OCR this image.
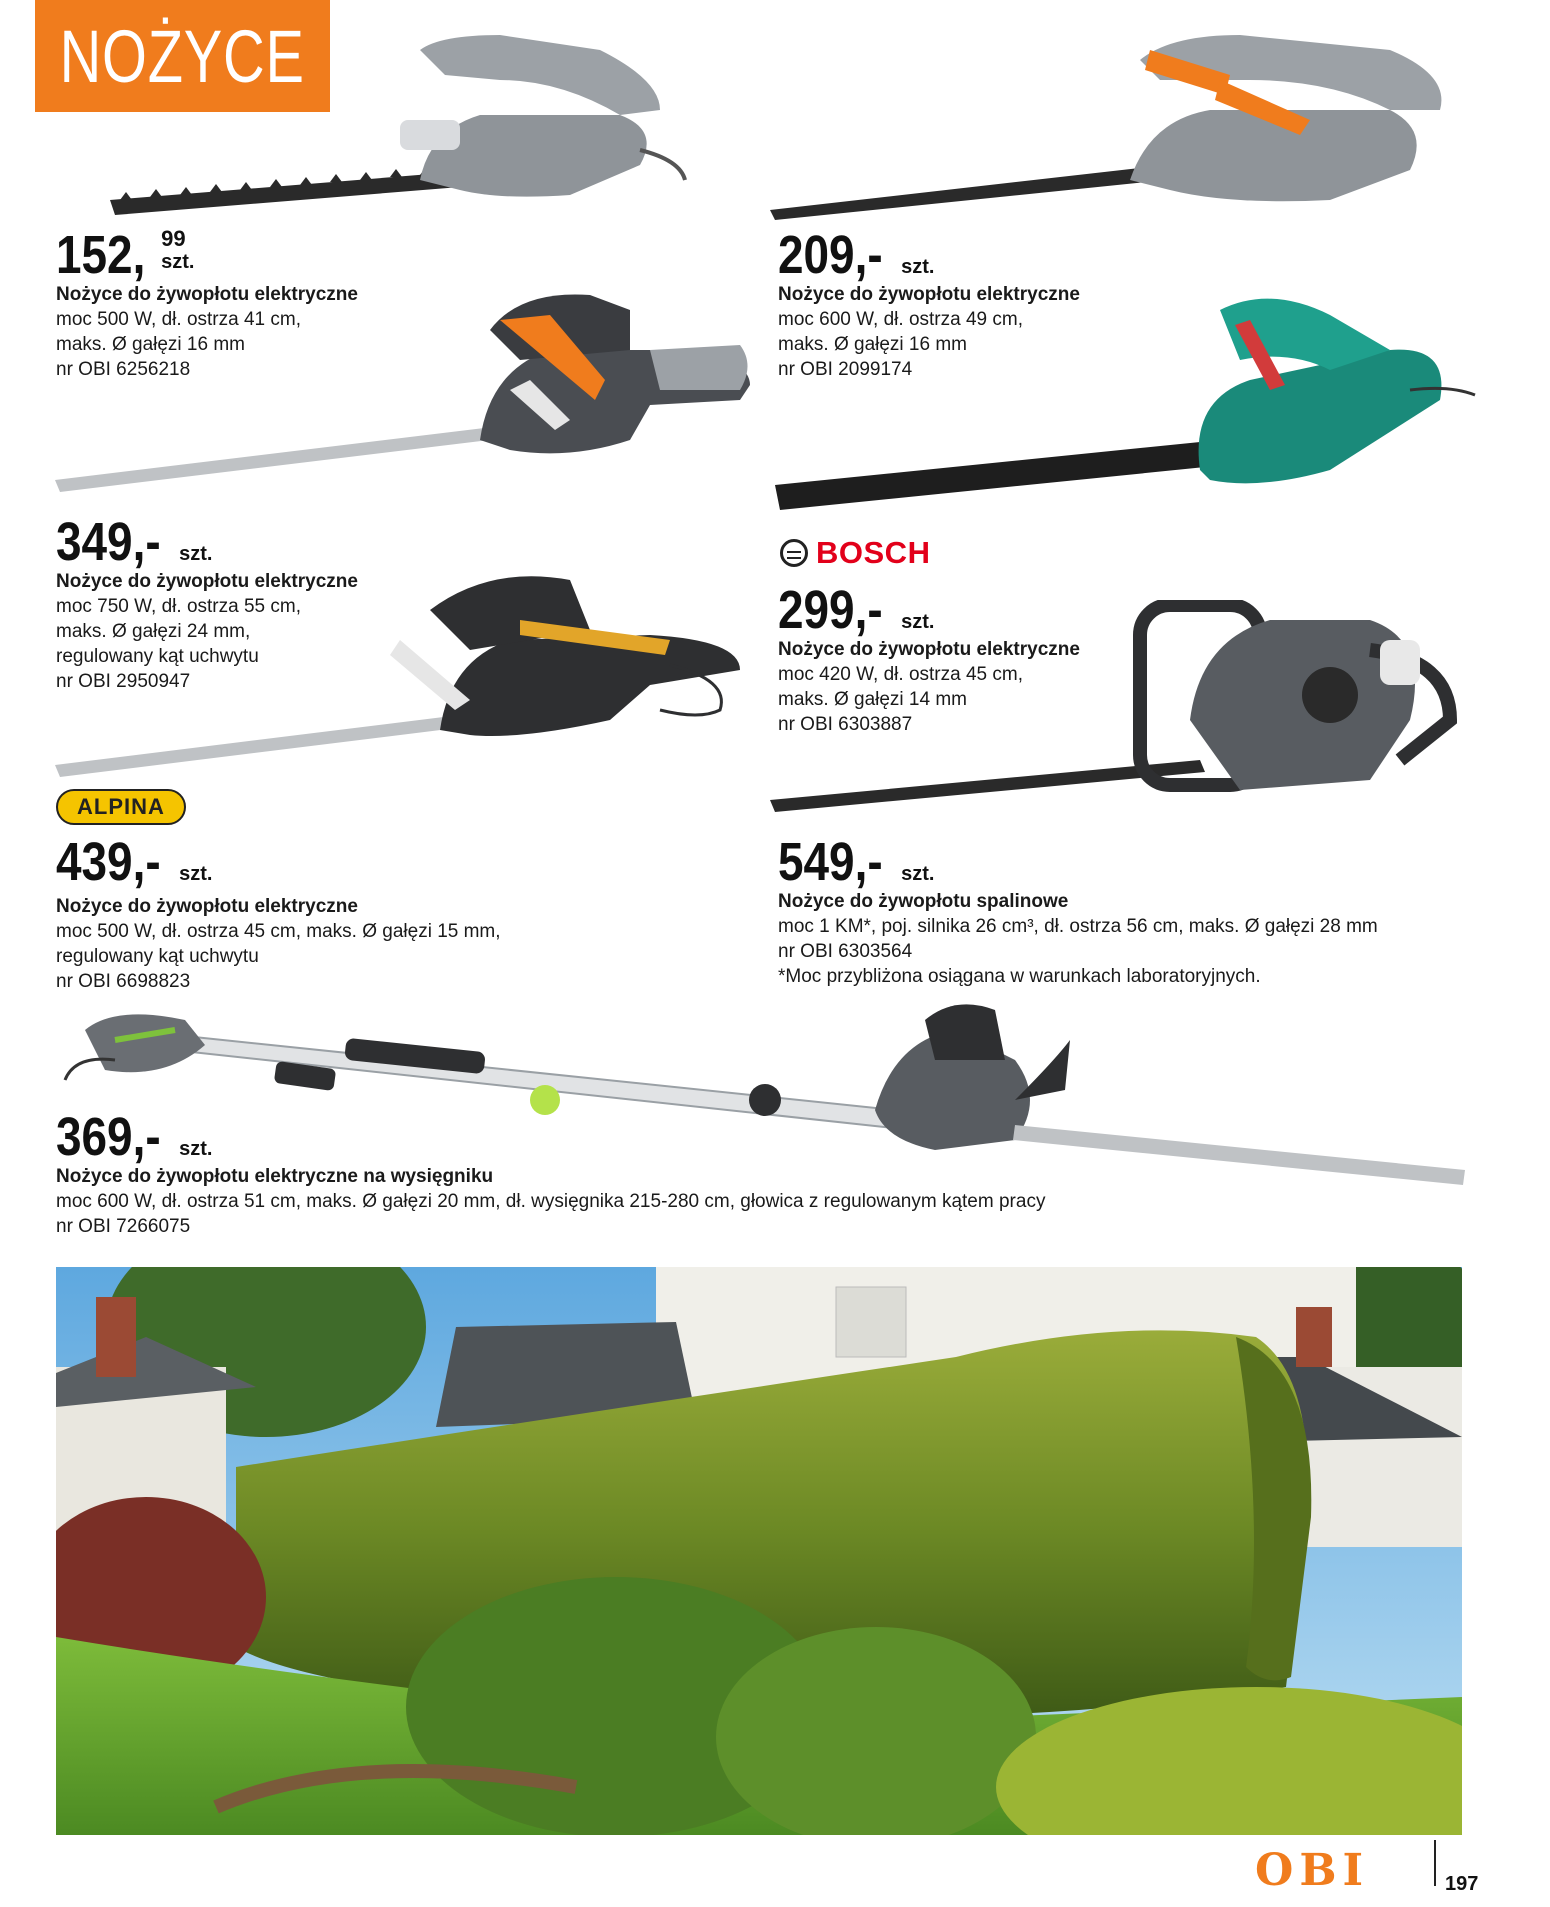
NOŻYCE
152, 99
szt.
Nożyce do żywopłotu elektryczne
moc 500 W, dł. ostrza 41 cm,
maks. Ø gałęzi 16 mm
nr OBI 6256218
209,- szt.
Nożyce do żywopłotu elektryczne
moc 600 W, dł. ostrza 49 cm,
maks. Ø gałęzi 16 mm
nr OBI 2099174
349,- szt.
Nożyce do żywopłotu elektryczne
moc 750 W, dł. ostrza 55 cm,
maks. Ø gałęzi 24 mm,
regulowany kąt uchwytu
nr OBI 2950947
BOSCH
299,- szt.
Nożyce do żywopłotu elektryczne
moc 420 W, dł. ostrza 45 cm,
maks. Ø gałęzi 14 mm
nr OBI 6303887
ALPINA
439,- szt.
Nożyce do żywopłotu elektryczne
moc 500 W, dł. ostrza 45 cm, maks. Ø gałęzi 15 mm,
regulowany kąt uchwytu
nr OBI 6698823
549,- szt.
Nożyce do żywopłotu spalinowe
moc 1 KM*, poj. silnika 26 cm³, dł. ostrza 56 cm, maks. Ø gałęzi 28 mm
nr OBI 6303564
*Moc przybliżona osiągana w warunkach laboratoryjnych.
369,- szt.
Nożyce do żywopłotu elektryczne na wysięgniku
moc 600 W, dł. ostrza 51 cm, maks. Ø gałęzi 20 mm, dł. wysięgnika 215-280 cm, głowica z regulowanym kątem pracy
nr OBI 7266075
OBI	197
